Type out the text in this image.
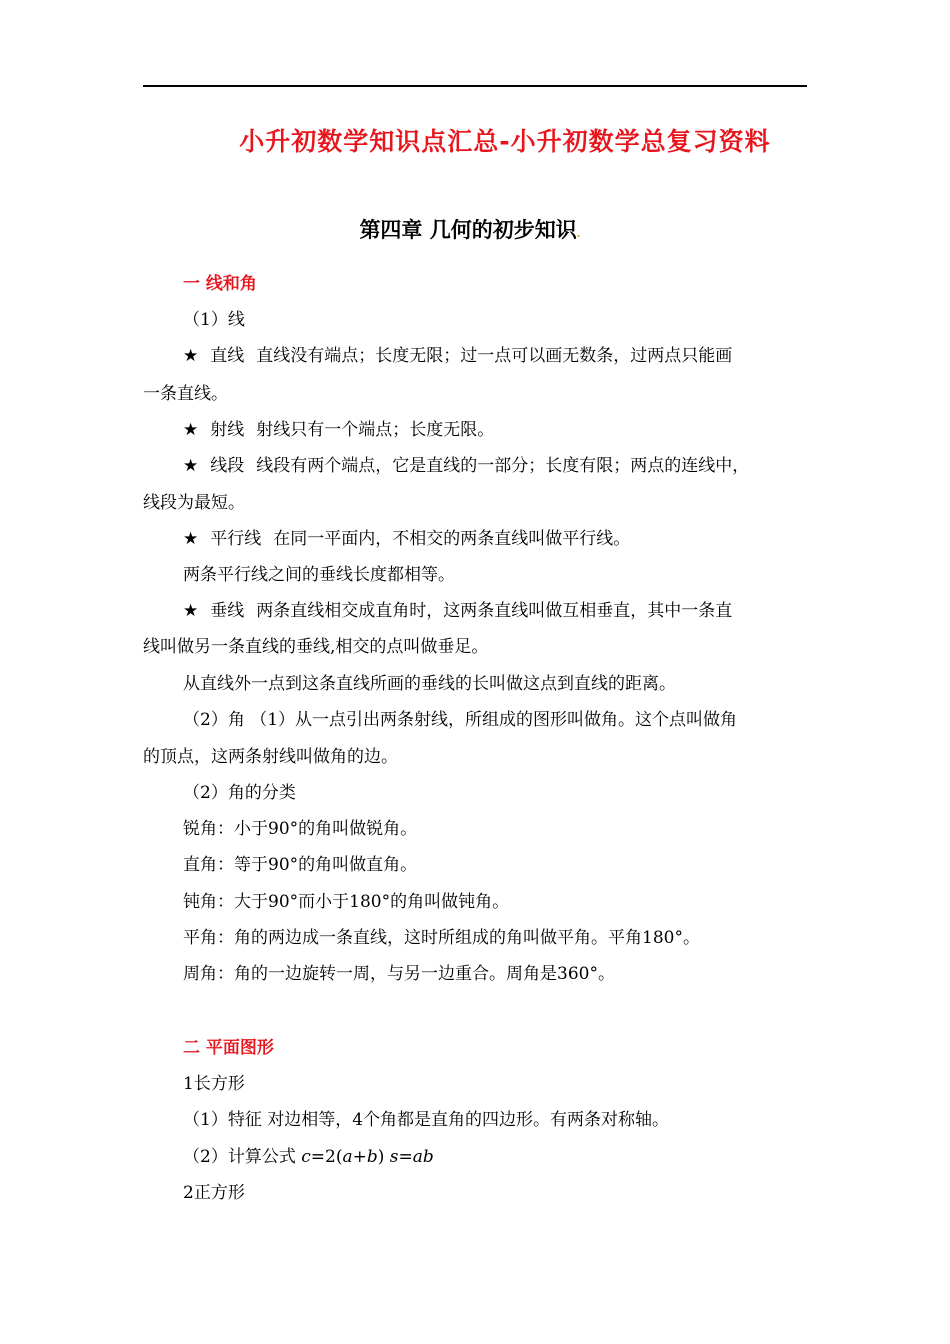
小升初数学知识点汇总-小升初数学总复习资料
第四章 几何的初步知识.
一 线和角
（1）线
★ 直线 直线没有端点；长度无限；过一点可以画无数条，过两点只能画
一条直线。
★ 射线 射线只有一个端点；长度无限。
★ 线段 线段有两个端点，它是直线的一部分；长度有限；两点的连线中，
线段为最短。
★ 平行线 在同一平面内，不相交的两条直线叫做平行线。
两条平行线之间的垂线长度都相等。
★ 垂线 两条直线相交成直角时，这两条直线叫做互相垂直，其中一条直
线叫做另一条直线的垂线,相交的点叫做垂足。
从直线外一点到这条直线所画的垂线的长叫做这点到直线的距离。
（2）角 （1）从一点引出两条射线，所组成的图形叫做角。这个点叫做角
的顶点，这两条射线叫做角的边。
（2）角的分类
锐角：小于90°的角叫做锐角。
直角：等于90°的角叫做直角。
钝角：大于90°而小于180°的角叫做钝角。
平角：角的两边成一条直线，这时所组成的角叫做平角。平角180°。
周角：角的一边旋转一周，与另一边重合。周角是360°。
二 平面图形
1长方形
（1）特征 对边相等，4个角都是直角的四边形。有两条对称轴。
（2）计算公式 c=2(a+b) s=ab
2正方形
